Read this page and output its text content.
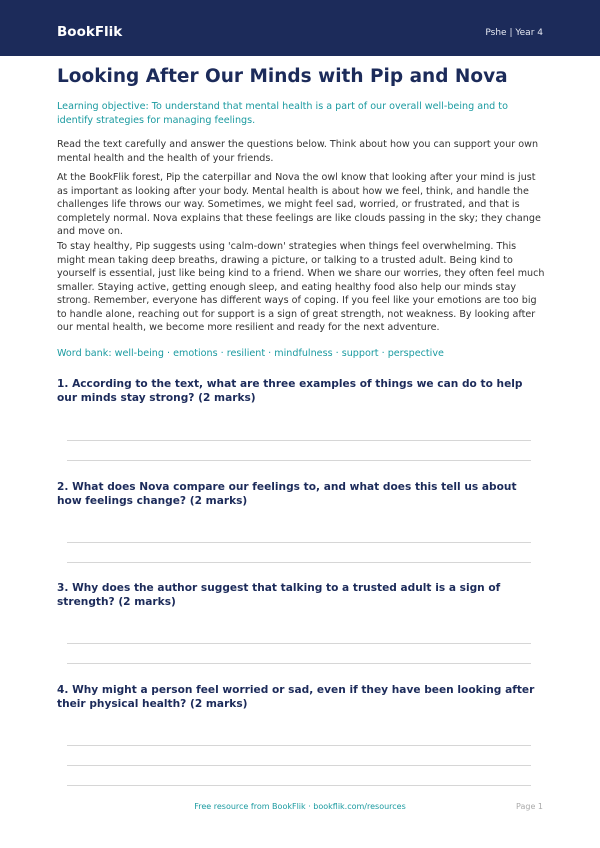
BookFlik	Pshe | Year 4
Looking After Our Minds with Pip and Nova

Learning objective: To understand that mental health is a part of our overall well-being and to identify strategies for managing feelings.

Read the text carefully and answer the questions below. Think about how you can support your own mental health and the health of your friends.

At the BookFlik forest, Pip the caterpillar and Nova the owl know that looking after your mind is just as important as looking after your body. Mental health is about how we feel, think, and handle the challenges life throws our way. Sometimes, we might feel sad, worried, or frustrated, and that is completely normal. Nova explains that these feelings are like clouds passing in the sky; they change and move on.

To stay healthy, Pip suggests using 'calm-down' strategies when things feel overwhelming. This might mean taking deep breaths, drawing a picture, or talking to a trusted adult. Being kind to yourself is essential, just like being kind to a friend. When we share our worries, they often feel much smaller. Staying active, getting enough sleep, and eating healthy food also help our minds stay strong. Remember, everyone has different ways of coping. If you feel like your emotions are too big to handle alone, reaching out for support is a sign of great strength, not weakness. By looking after our mental health, we become more resilient and ready for the next adventure.

Word bank: well-being · emotions · resilient · mindfulness · support · perspective

1. According to the text, what are three examples of things we can do to help our minds stay strong? (2 marks)

2. What does Nova compare our feelings to, and what does this tell us about how feelings change? (2 marks)

3. Why does the author suggest that talking to a trusted adult is a sign of strength? (2 marks)

4. Why might a person feel worried or sad, even if they have been looking after their physical health? (2 marks)

Free resource from BookFlik · bookflik.com/resources	Page 1
